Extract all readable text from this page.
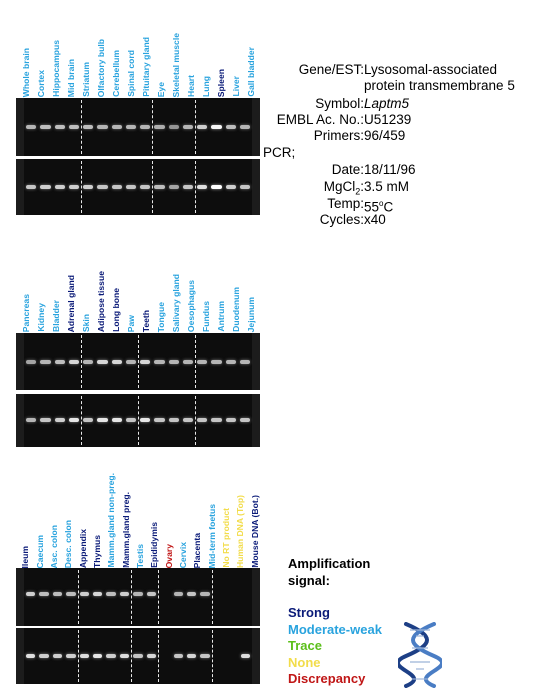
Whole brain Cortex Hippocampus Mid brain Striatum Olfactory bulb Cerebellum Spinal cord Pituitary gland Eye Skeletal muscle Heart Lung Spleen Liver Gall bladder
Pancreas Kidney Bladder Adrenal gland Skin Adipose tissue Long bone Paw Teeth Tongue Salivary gland Oesophagus Fundus Antrum Duodenum Jejunum
Ileum Caecum Asc. colon Desc. colon Appendix Thymus Mamm.gland non-preg. Mamm.gland preg. Testis Epididymis Ovary Cervix Placenta Mid-term foetus No RT product Human DNA (Top) Mouse DNA (Bot.)
Gene/EST: Lysosomal-associated
protein transmembrane 5
Symbol: Laptm5
EMBL Ac. No.: U51239
Primers: 96/459
PCR;
Date: 18/11/96
MgCl$_2$: 3.5 mM
Temp: 55$^o$C
Cycles: x40
Amplification
signal:
Strong
Moderate-weak
Trace
None
Discrepancy
